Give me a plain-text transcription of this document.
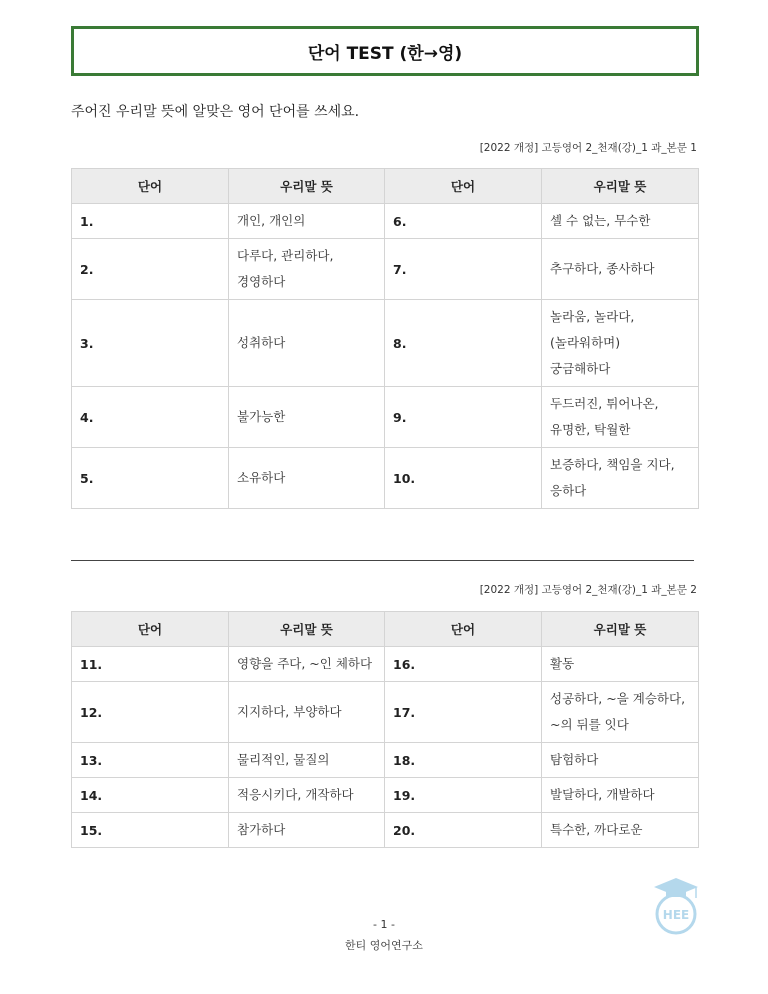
단어 TEST (한→영)
주어진 우리말 뜻에 알맞은 영어 단어를 쓰세요.
[2022 개정] 고등영어 2_천재(강)_1 과_본문 1
단어	우리말 뜻	단어	우리말 뜻
1.	개인, 개인의	6.	셀 수 없는, 무수한

2.	다루다, 관리하다,
경영하다	7.	추구하다, 종사하다

3.	성취하다	8.	놀라움, 놀라다,
(놀라워하며)
궁금해하다

4.	불가능한	9.	두드러진, 튀어나온,
유명한, 탁월한

5.	소유하다	10.	보증하다, 책임을 지다,
응하다
[2022 개정] 고등영어 2_천재(강)_1 과_본문 2
단어	우리말 뜻	단어	우리말 뜻
11.	영향을 주다, ~인 체하다	16.	활동

12.	지지하다, 부양하다	17.	성공하다, ~을 계승하다,
~의 뒤를 잇다

13.	물리적인, 물질의	18.	탐험하다

14.	적응시키다, 개작하다	19.	발달하다, 개발하다

15.	참가하다	20.	특수한, 까다로운
- 1 -
한티 영어연구소
HEE
